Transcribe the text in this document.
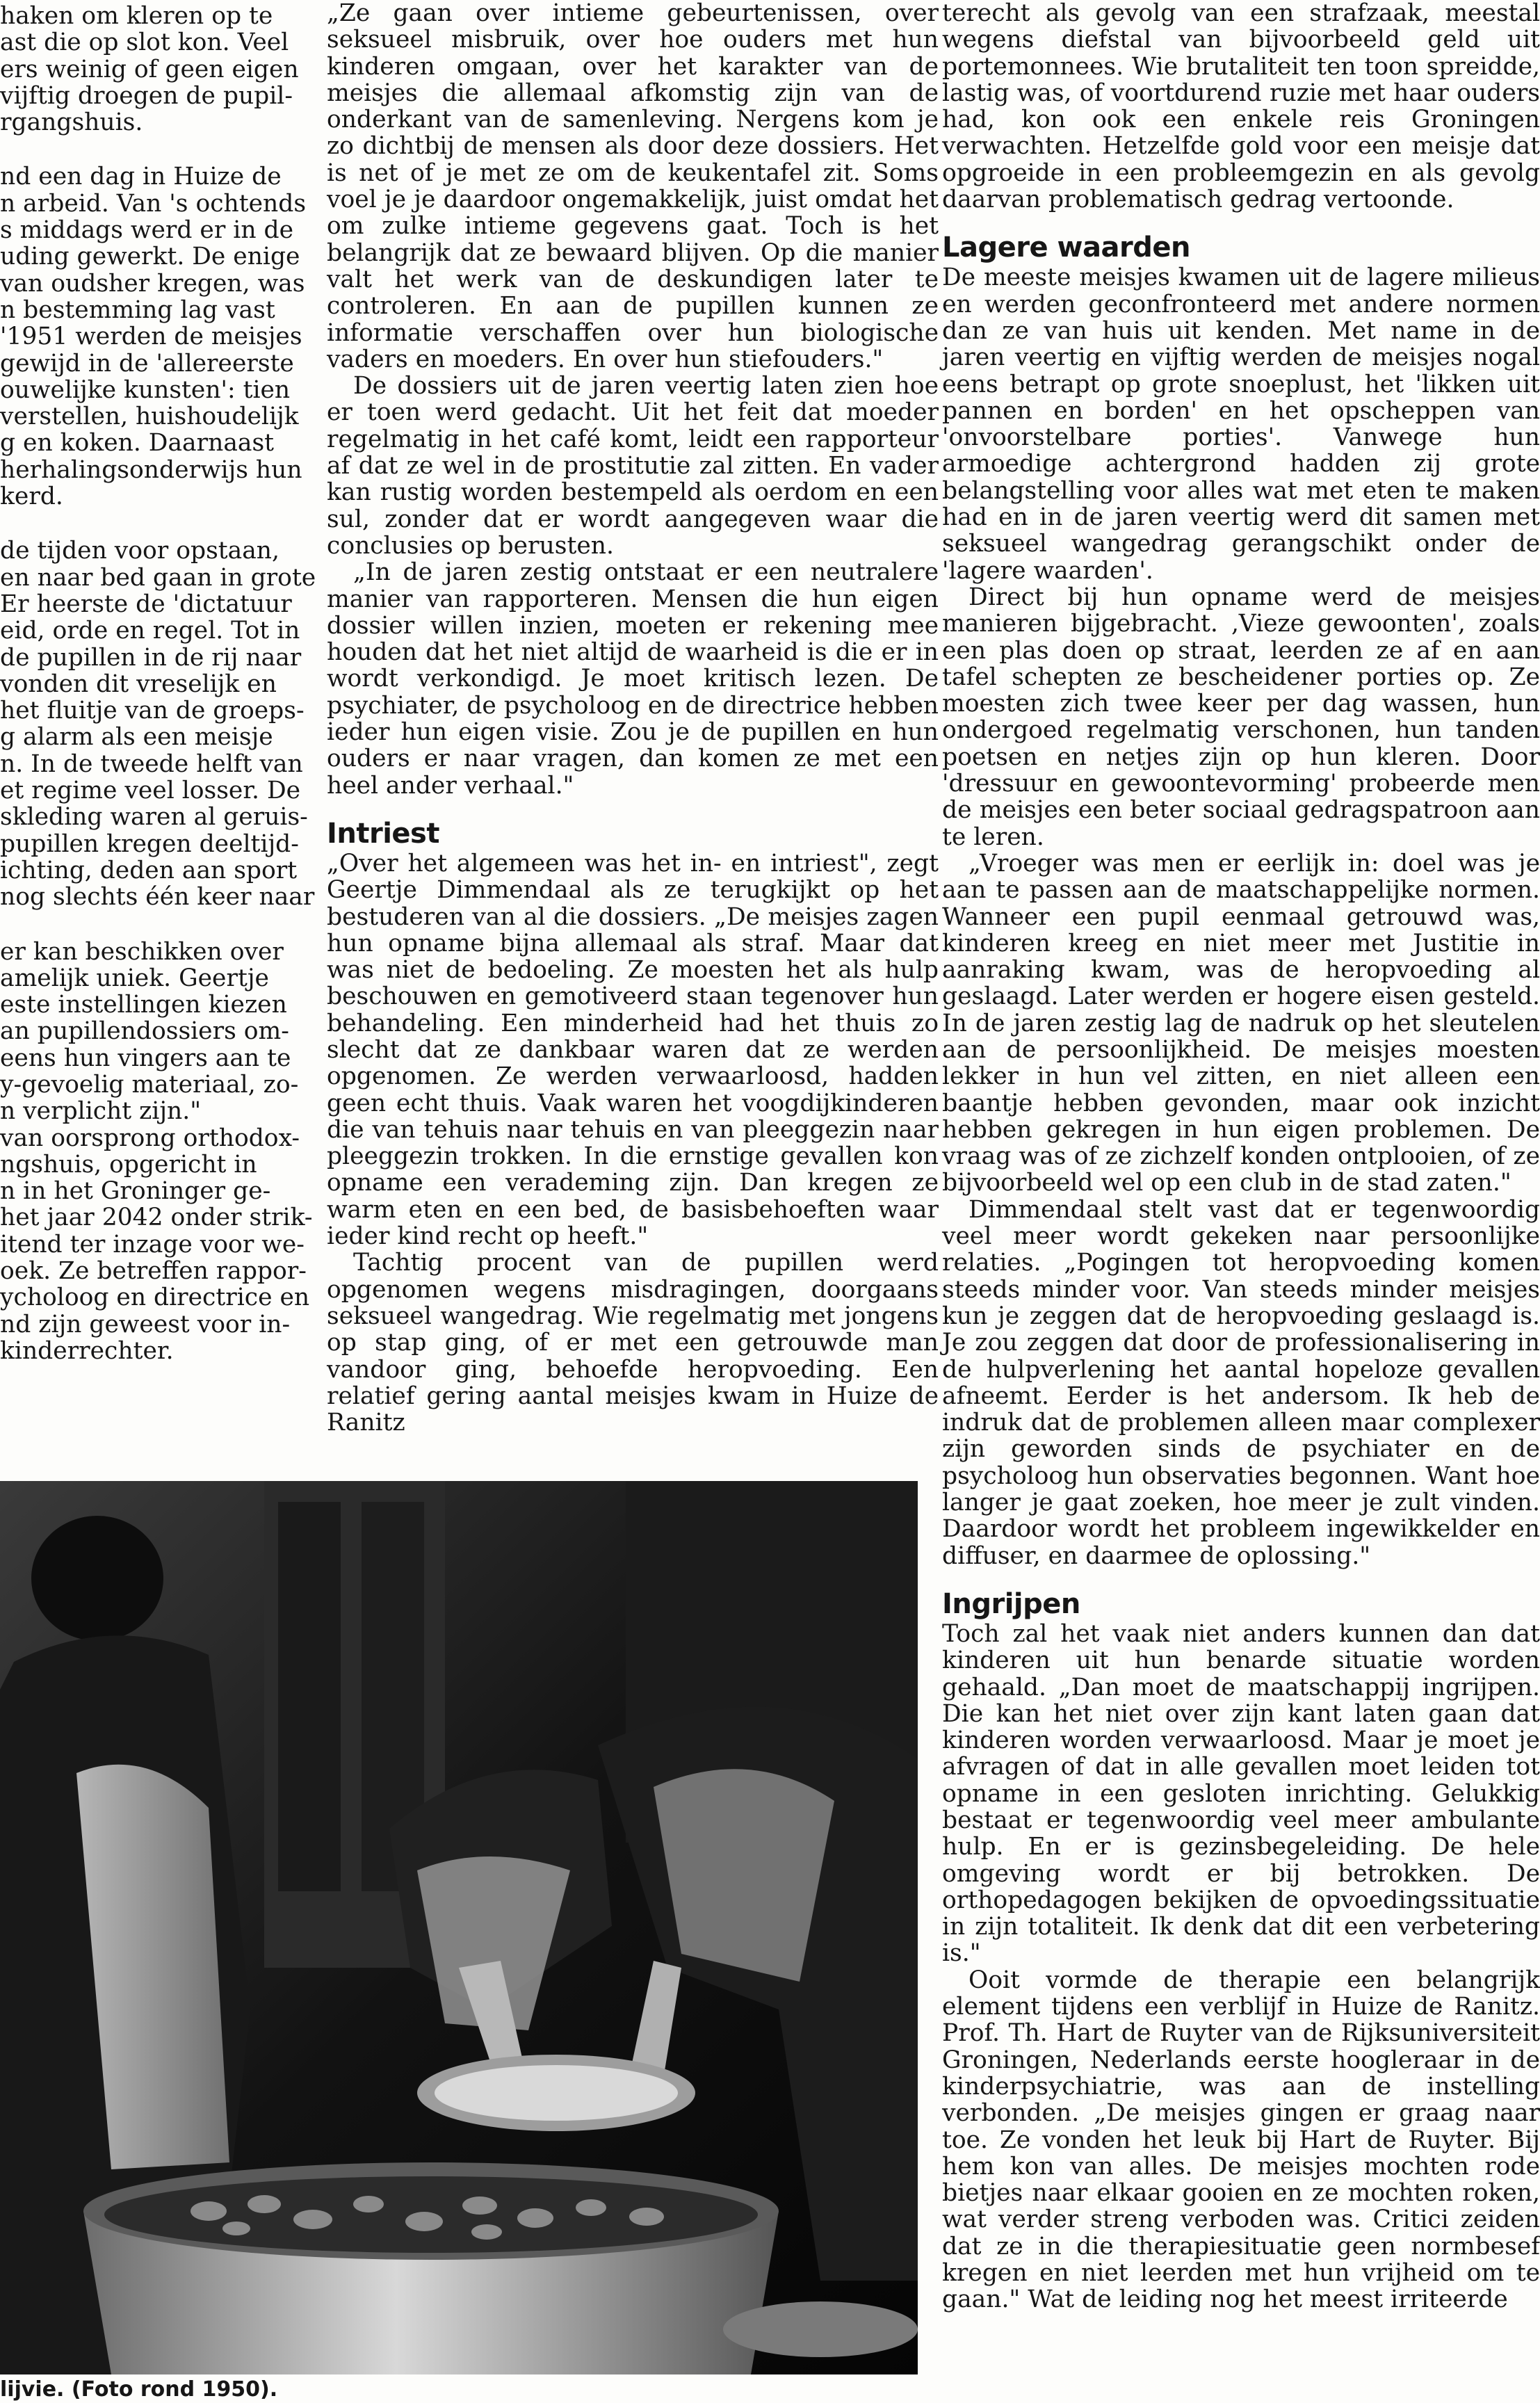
haken om kleren op te

ast die op slot kon. Veel

ers weinig of geen eigen

vijftig droegen de pupil-

rgangshuis.

nd een dag in Huize de

n arbeid. Van 's ochtends

s middags werd er in de

uding gewerkt. De enige

van oudsher kregen, was

n bestemming lag vast

'1951 werden de meisjes

gewijd in de 'allereerste

ouwelijke kunsten': tien

verstellen, huishoudelijk

g en koken. Daarnaast

herhalingsonderwijs hun

kerd.

de tijden voor opstaan,

en naar bed gaan in grote

Er heerste de 'dictatuur

eid, orde en regel. Tot in

de pupillen in de rij naar

vonden dit vreselijk en

het fluitje van de groeps-

g alarm als een meisje

n. In de tweede helft van

et regime veel losser. De

skleding waren al geruis-

pupillen kregen deeltijd-

ichting, deden aan sport

nog slechts één keer naar

er kan beschikken over

amelijk uniek. Geertje

este instellingen kiezen

an pupillendossiers om-

eens hun vingers aan te

y-gevoelig materiaal, zo-

n verplicht zijn."

van oorsprong orthodox-

ngshuis, opgericht in

n in het Groninger ge-

het jaar 2042 onder strik-

itend ter inzage voor we-

oek. Ze betreffen rappor-

ycholoog en directrice en

nd zijn geweest voor in-

kinderrechter.

„Ze gaan over intieme gebeurtenissen, over seksueel misbruik, over hoe ouders met hun kinderen omgaan, over het karakter van de meisjes die allemaal afkomstig zijn van de onderkant van de samenleving. Nergens kom je zo dichtbij de mensen als door deze dossiers. Het is net of je met ze om de keukentafel zit. Soms voel je je daardoor ongemakkelijk, juist omdat het om zulke intieme gegevens gaat. Toch is het belangrijk dat ze bewaard blijven. Op die manier valt het werk van de deskundigen later te controleren. En aan de pupillen kunnen ze informatie verschaffen over hun biologische vaders en moeders. En over hun stiefouders."

De dossiers uit de jaren veertig laten zien hoe er toen werd gedacht. Uit het feit dat moeder regelmatig in het café komt, leidt een rapporteur af dat ze wel in de prostitutie zal zitten. En vader kan rustig worden bestempeld als oerdom en een sul, zonder dat er wordt aangegeven waar die conclusies op berusten.

„In de jaren zestig ontstaat er een neutralere manier van rapporteren. Mensen die hun eigen dossier willen inzien, moeten er rekening mee houden dat het niet altijd de waarheid is die er in wordt verkondigd. Je moet kritisch lezen. De psychiater, de psycholoog en de directrice hebben ieder hun eigen visie. Zou je de pupillen en hun ouders er naar vragen, dan komen ze met een heel ander verhaal."

Intriest

„Over het algemeen was het in- en intriest", zegt Geertje Dimmendaal als ze terugkijkt op het bestuderen van al die dossiers. „De meisjes zagen hun opname bijna allemaal als straf. Maar dat was niet de bedoeling. Ze moesten het als hulp beschouwen en gemotiveerd staan tegenover hun behandeling. Een minderheid had het thuis zo slecht dat ze dankbaar waren dat ze werden opgenomen. Ze werden verwaarloosd, hadden geen echt thuis. Vaak waren het voogdijkinderen die van tehuis naar tehuis en van pleeggezin naar pleeggezin trokken. In die ernstige gevallen kon opname een verademing zijn. Dan kregen ze warm eten en een bed, de basisbehoeften waar ieder kind recht op heeft."

Tachtig procent van de pupillen werd opgenomen wegens misdragingen, doorgaans seksueel wangedrag. Wie regelmatig met jongens op stap ging, of er met een getrouwde man vandoor ging, behoefde heropvoeding. Een relatief gering aantal meisjes kwam in Huize de Ranitz

terecht als gevolg van een strafzaak, meestal wegens diefstal van bijvoorbeeld geld uit portemonnees. Wie brutaliteit ten toon spreidde, lastig was, of voortdurend ruzie met haar ouders had, kon ook een enkele reis Groningen verwachten. Hetzelfde gold voor een meisje dat opgroeide in een probleemgezin en als gevolg daarvan problematisch gedrag vertoonde.

Lagere waarden

De meeste meisjes kwamen uit de lagere milieus en werden geconfronteerd met andere normen dan ze van huis uit kenden. Met name in de jaren veertig en vijftig werden de meisjes nogal eens betrapt op grote snoeplust, het 'likken uit pannen en borden' en het opscheppen van 'onvoorstelbare porties'. Vanwege hun armoedige achtergrond hadden zij grote belangstelling voor alles wat met eten te maken had en in de jaren veertig werd dit samen met seksueel wangedrag gerangschikt onder de 'lagere waarden'.

Direct bij hun opname werd de meisjes manieren bijgebracht. ‚Vieze gewoonten', zoals een plas doen op straat, leerden ze af en aan tafel schepten ze bescheidener porties op. Ze moesten zich twee keer per dag wassen, hun ondergoed regelmatig verschonen, hun tanden poetsen en netjes zijn op hun kleren. Door 'dressuur en gewoontevorming' probeerde men de meisjes een beter sociaal gedragspatroon aan te leren.

„Vroeger was men er eerlijk in: doel was je aan te passen aan de maatschappelijke normen. Wanneer een pupil eenmaal getrouwd was, kinderen kreeg en niet meer met Justitie in aanraking kwam, was de heropvoeding al geslaagd. Later werden er hogere eisen gesteld. In de jaren zestig lag de nadruk op het sleutelen aan de persoonlijkheid. De meisjes moesten lekker in hun vel zitten, en niet alleen een baantje hebben gevonden, maar ook inzicht hebben gekregen in hun eigen problemen. De vraag was of ze zichzelf konden ontplooien, of ze bijvoorbeeld wel op een club in de stad zaten."

Dimmendaal stelt vast dat er tegenwoordig veel meer wordt gekeken naar persoonlijke relaties. „Pogingen tot heropvoeding komen steeds minder voor. Van steeds minder meisjes kun je zeggen dat de heropvoeding geslaagd is. Je zou zeggen dat door de professionalisering in de hulpverlening het aantal hopeloze gevallen afneemt. Eerder is het andersom. Ik heb de indruk dat de problemen alleen maar complexer zijn geworden sinds de psychiater en de psycholoog hun observaties begonnen. Want hoe langer je gaat zoeken, hoe meer je zult vinden. Daardoor wordt het probleem ingewikkelder en diffuser, en daarmee de oplossing."

Ingrijpen

Toch zal het vaak niet anders kunnen dan dat kinderen uit hun benarde situatie worden gehaald. „Dan moet de maatschappij ingrijpen. Die kan het niet over zijn kant laten gaan dat kinderen worden verwaarloosd. Maar je moet je afvragen of dat in alle gevallen moet leiden tot opname in een gesloten inrichting. Gelukkig bestaat er tegenwoordig veel meer ambulante hulp. En er is gezinsbegeleiding. De hele omgeving wordt er bij betrokken. De orthopedagogen bekijken de opvoedingssituatie in zijn totaliteit. Ik denk dat dit een verbetering is."

Ooit vormde de therapie een belangrijk element tijdens een verblijf in Huize de Ranitz. Prof. Th. Hart de Ruyter van de Rijksuniversiteit Groningen, Nederlands eerste hoogleraar in de kinderpsychiatrie, was aan de instelling verbonden. „De meisjes gingen er graag naar toe. Ze vonden het leuk bij Hart de Ruyter. Bij hem kon van alles. De meisjes mochten rode bietjes naar elkaar gooien en ze mochten roken, wat verder streng verboden was. Critici zeiden dat ze in die therapiesituatie geen normbesef kregen en niet leerden met hun vrijheid om te gaan." Wat de leiding nog het meest irriteerde

lijvie. (Foto rond 1950).
